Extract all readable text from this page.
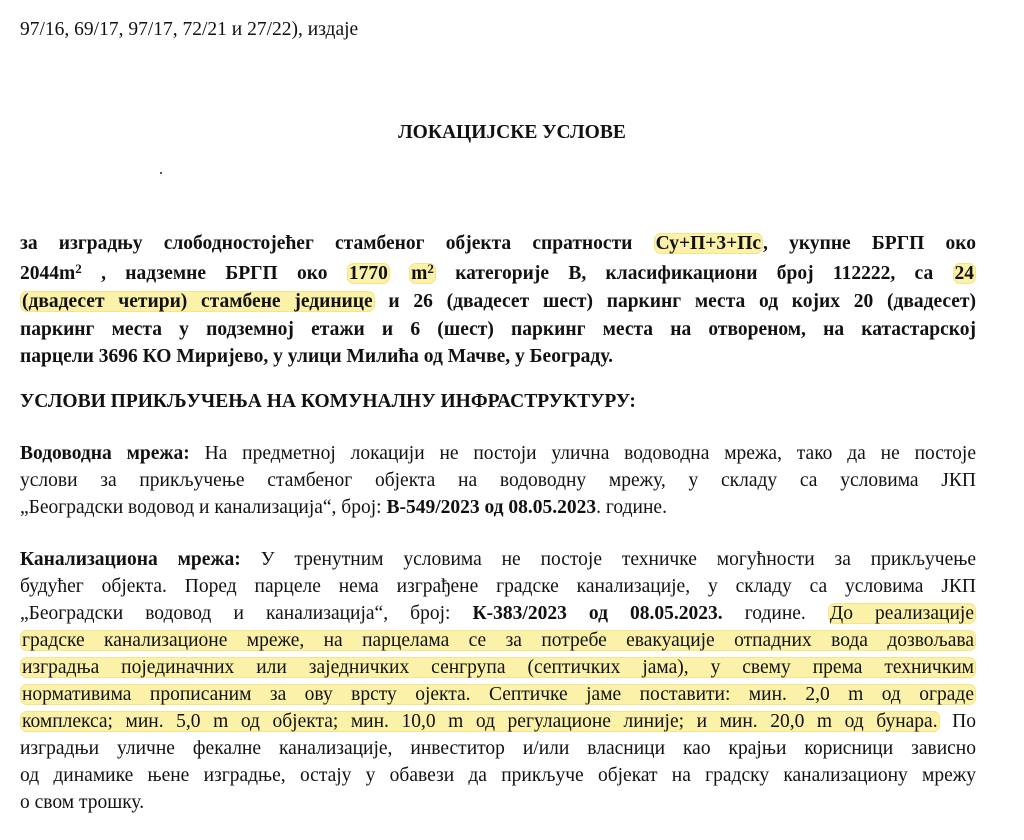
97/16, 69/17, 97/17, 72/21 и 27/22), издаје
ЛОКАЦИЈСКЕ УСЛОВЕ
за изградњу слободностојећег стамбеног објекта спратности Су+П+3+Пс , укупне БРГП око
$2044m^2$ , надземне БРГП око 1770 $m^2$ категорије В, класификациони број 112222, са 24
(двадесет четири) стамбене јединице и 26 (двадесет шест) паркинг места од којих 20 (двадесет)
паркинг места у подземној етажи и 6 (шест) паркинг места на отвореном, на катастарској
парцели 3696 КО Миријево, у улици Милића од Мачве, у Београду.
УСЛОВИ ПРИКЉУЧЕЊА НА КОМУНАЛНУ ИНФРАСТРУКТУРУ:
Водоводна мрежа: На предметној локацији не постоји улична водоводна мрежа, тако да не постоје
услови за прикључење стамбеног објекта на водоводну мрежу, у складу са условима ЈКП
„Београдски водовод и канализација“, број: В-549/2023 од 08.05.2023. године.
Канализациона мрежа: У тренутним условима не постоје техничке могућности за прикључење
будућег објекта. Поред парцеле нема изграђене градске канализације, у складу са условима ЈКП
„Београдски водовод и канализација“, број: К-383/2023 од 08.05.2023. године. До реализације
градске канализационе мреже, на парцелама се за потребе евакуације отпадних вода дозвољава
изградња појединачних или заједничких сенгрупа (септичких јама), у свему према техничким
нормативима прописаним за ову врсту ојекта. Септичке јаме поставити: мин. 2,0 m од ограде
комплекса; мин. 5,0 m од објекта; мин. 10,0 m од регулационе линије; и мин. 20,0 m од бунара. По
изградњи уличне фекалне канализације, инвеститор и/или власници као крајњи корисници зависно
од динамике њене изградње, остају у обавези да прикључе објекат на градску канализациону мрежу
о свом трошку.
